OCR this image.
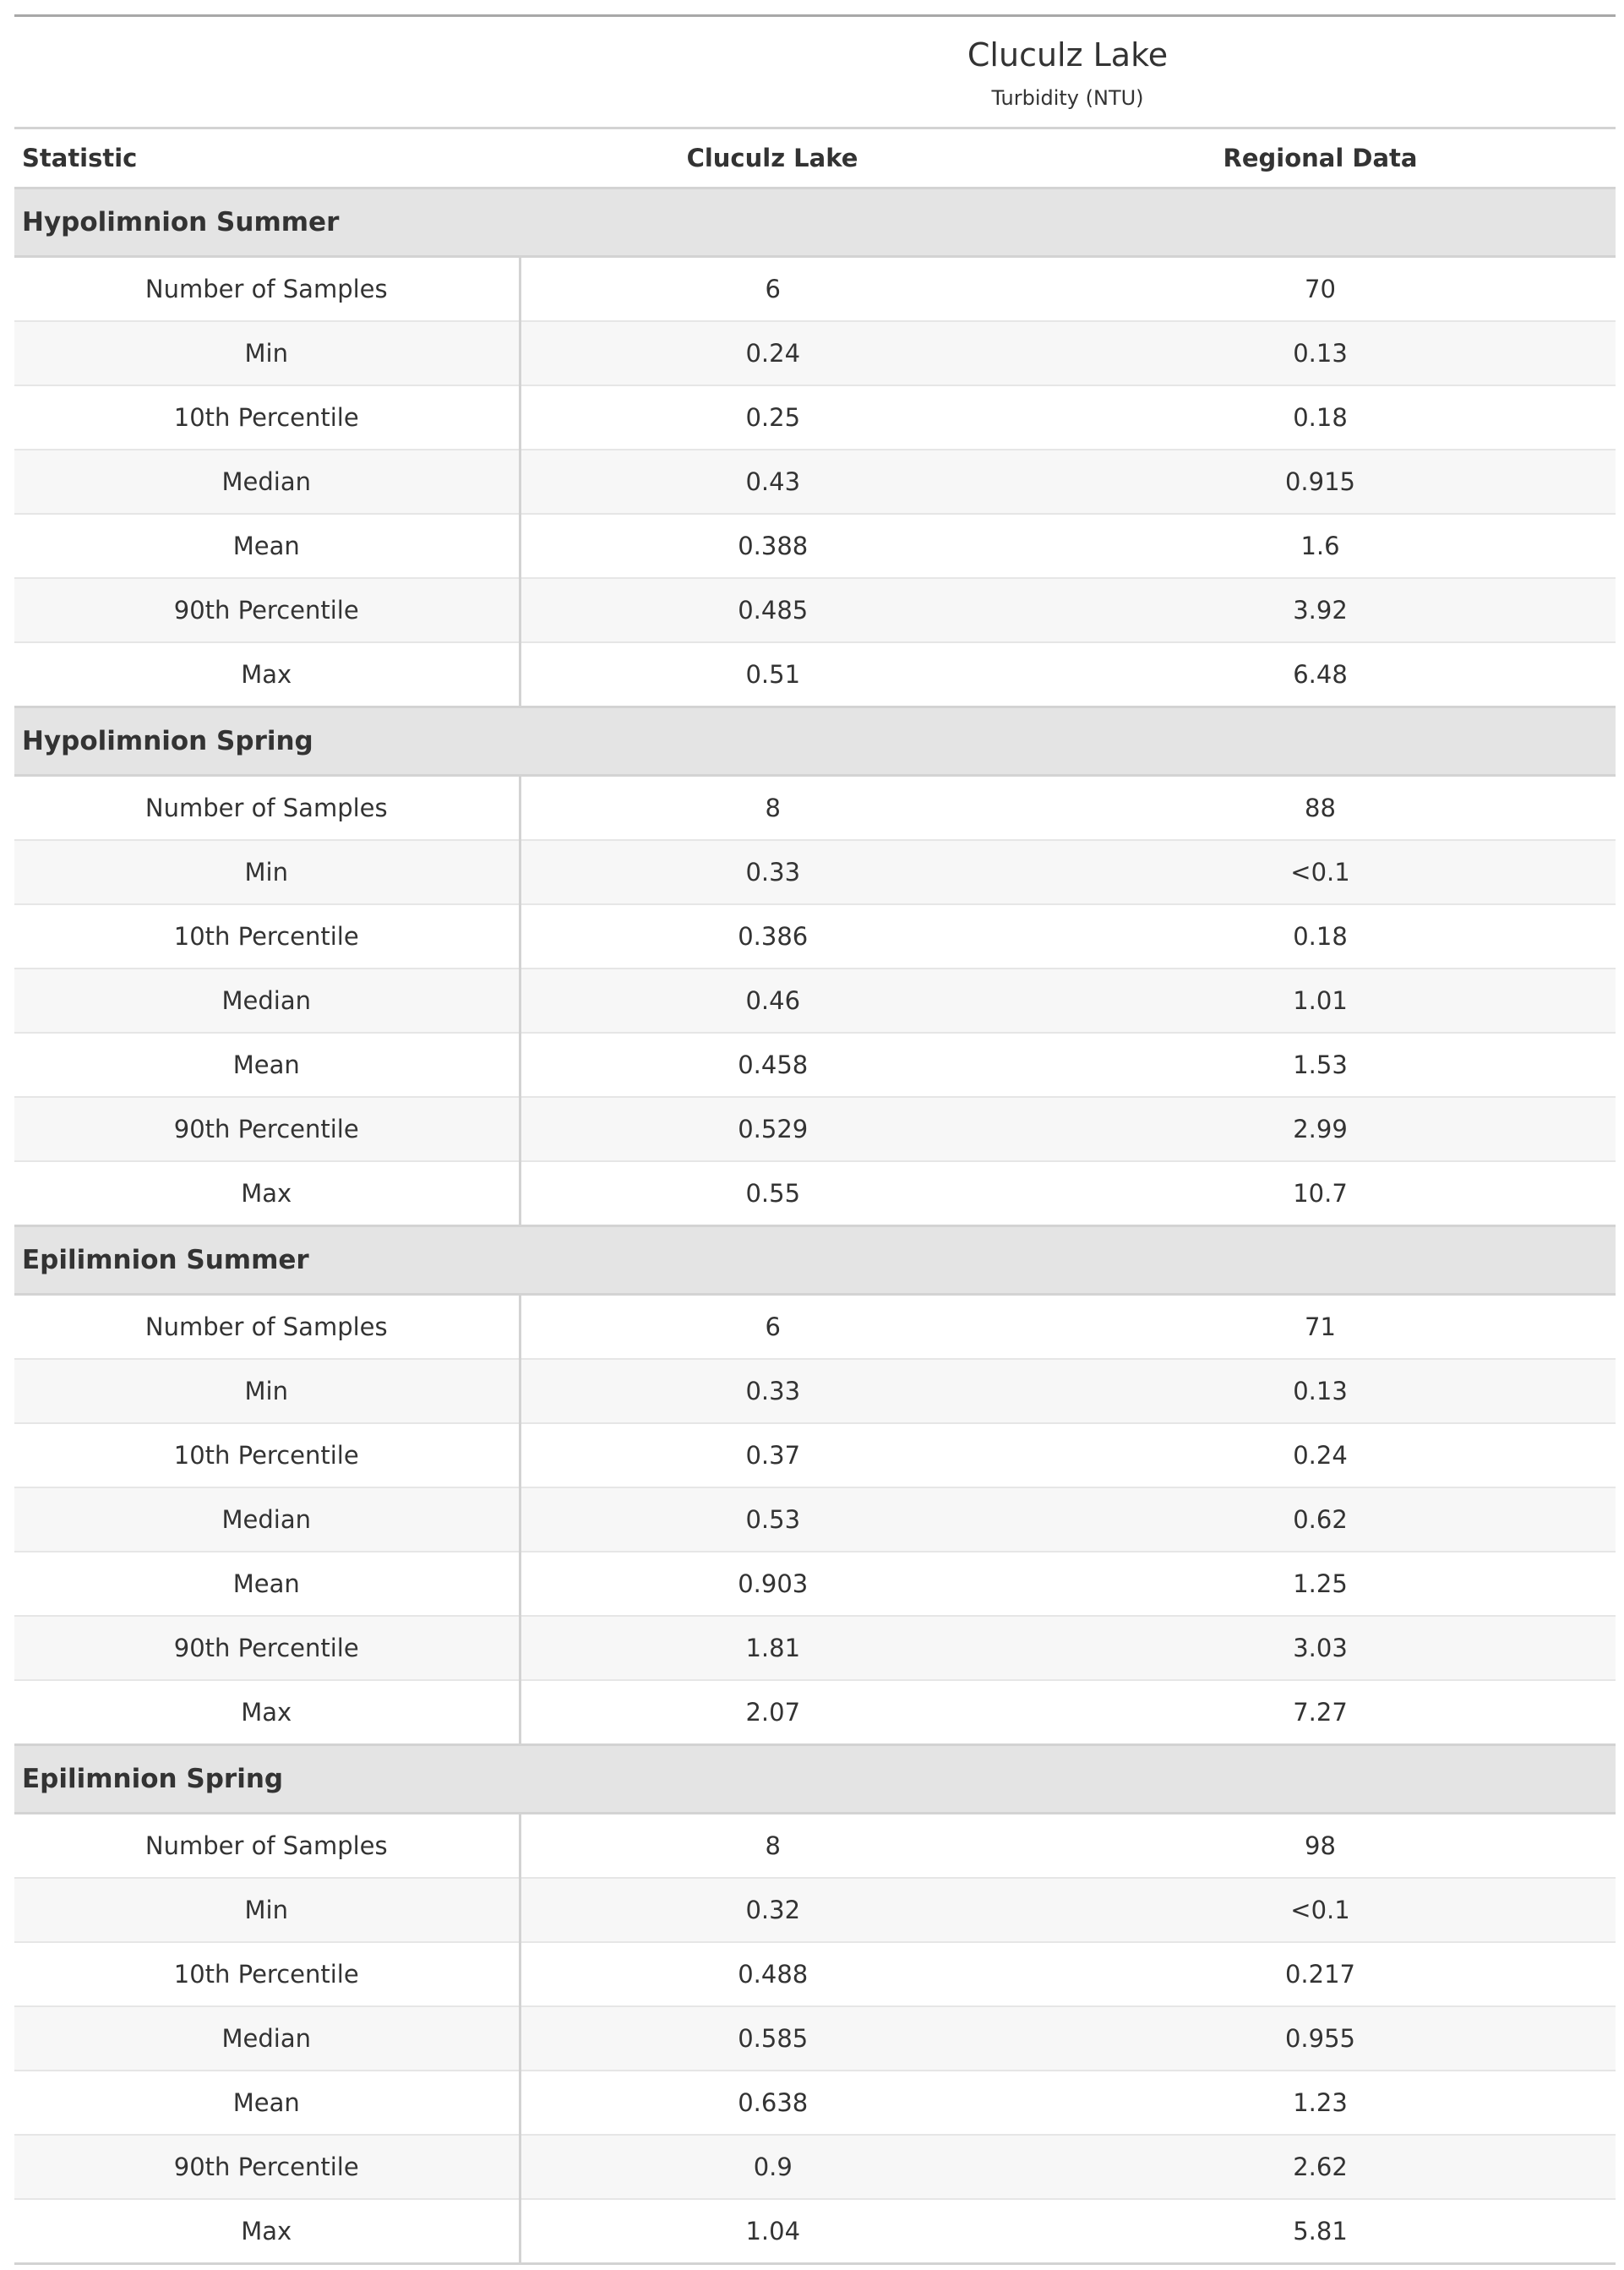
	Cluculz Lake
Turbidity (NTU)	

Statistic	Cluculz Lake	Regional Data
Hypolimnion Summer		
Number of Samples	6	70
Min	0.24	0.13
10th Percentile	0.25	0.18
Median	0.43	0.915
Mean	0.388	1.6
90th Percentile	0.485	3.92
Max	0.51	6.48
Hypolimnion Spring		
Number of Samples	8	88
Min	0.33	<0.1
10th Percentile	0.386	0.18
Median	0.46	1.01
Mean	0.458	1.53
90th Percentile	0.529	2.99
Max	0.55	10.7
Epilimnion Summer		
Number of Samples	6	71
Min	0.33	0.13
10th Percentile	0.37	0.24
Median	0.53	0.62
Mean	0.903	1.25
90th Percentile	1.81	3.03
Max	2.07	7.27
Epilimnion Spring		
Number of Samples	8	98
Min	0.32	<0.1
10th Percentile	0.488	0.217
Median	0.585	0.955
Mean	0.638	1.23
90th Percentile	0.9	2.62
Max	1.04	5.81
